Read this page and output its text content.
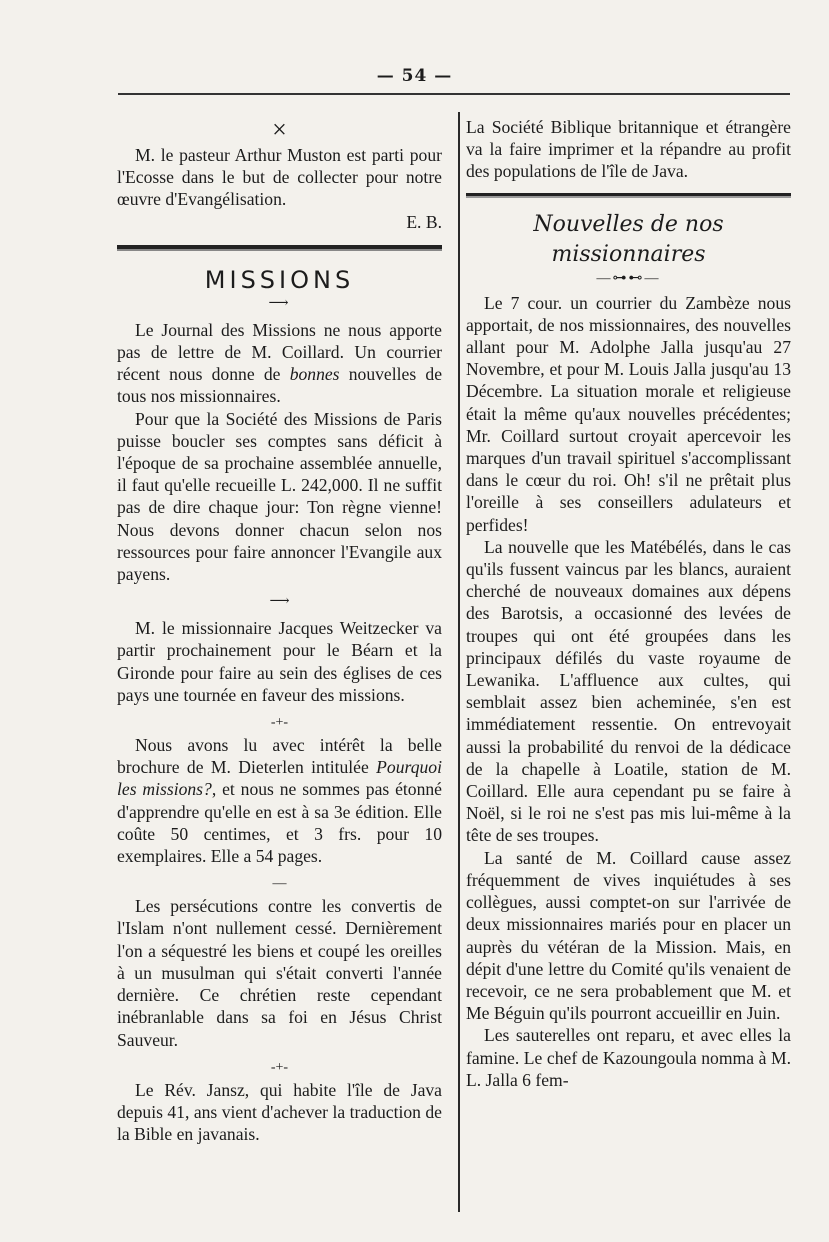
— 54 —
×

M. le pasteur Arthur Muston est parti pour l'Ecosse dans le but de collecter pour notre œuvre d'Evangélisation.

E. B.
MISSIONS
⟶

Le Journal des Missions ne nous apporte pas de lettre de M. Coillard. Un courrier récent nous donne de bonnes nouvelles de tous nos missionnaires.

Pour que la Société des Missions de Paris puisse boucler ses comptes sans déficit à l'époque de sa prochaine assemblée annuelle, il faut qu'elle recueille L. 242,000. Il ne suffit pas de dire chaque jour: Ton règne vienne! Nous devons donner chacun selon nos ressources pour faire annoncer l'Evangile aux payens.

⟶

M. le missionnaire Jacques Weitzecker va partir prochainement pour le Béarn et la Gironde pour faire au sein des églises de ces pays une tournée en faveur des missions.

-+-

Nous avons lu avec intérêt la belle brochure de M. Dieterlen intitulée Pourquoi les missions?, et nous ne sommes pas étonné d'apprendre qu'elle en est à sa 3e édition. Elle coûte 50 centimes, et 3 frs. pour 10 exemplaires. Elle a 54 pages.

—

Les persécutions contre les convertis de l'Islam n'ont nullement cessé. Dernièrement l'on a séquestré les biens et coupé les oreilles à un musulman qui s'était converti l'année dernière. Ce chrétien reste cependant inébranlable dans sa foi en Jésus Christ Sauveur.

-+-

Le Rév. Jansz, qui habite l'île de Java depuis 41, ans vient d'achever la traduction de la Bible en javanais.

La Société Biblique britannique et étrangère va la faire imprimer et la répandre au profit des populations de l'île de Java.

Nouvelles de nos missionnaires
—⊶⊷—

Le 7 cour. un courrier du Zambèze nous apportait, de nos missionnaires, des nouvelles allant pour M. Adolphe Jalla jusqu'au 27 Novembre, et pour M. Louis Jalla jusqu'au 13 Décembre. La situation morale et religieuse était la même qu'aux nouvelles précédentes; Mr. Coillard surtout croyait apercevoir les marques d'un travail spirituel s'accomplissant dans le cœur du roi. Oh! s'il ne prêtait plus l'oreille à ses conseillers adulateurs et perfides!

La nouvelle que les Matébélés, dans le cas qu'ils fussent vaincus par les blancs, auraient cherché de nouveaux domaines aux dépens des Barotsis, a occasionné des levées de troupes qui ont été groupées dans les principaux défilés du vaste royaume de Lewanika. L'affluence aux cultes, qui semblait assez bien acheminée, s'en est immédiatement ressentie. On entrevoyait aussi la probabilité du renvoi de la dédicace de la chapelle à Loatile, station de M. Coillard. Elle aura cependant pu se faire à Noël, si le roi ne s'est pas mis lui-même à la tête de ses troupes.

La santé de M. Coillard cause assez fréquemment de vives inquiétudes à ses collègues, aussi comptet-on sur l'arrivée de deux missionnaires mariés pour en placer un auprès du vétéran de la Mission. Mais, en dépit d'une lettre du Comité qu'ils venaient de recevoir, ce ne sera probablement que M. et Me Béguin qu'ils pourront accueillir en Juin.

Les sauterelles ont reparu, et avec elles la famine. Le chef de Kazoungoula nomma à M. L. Jalla 6 fem-
